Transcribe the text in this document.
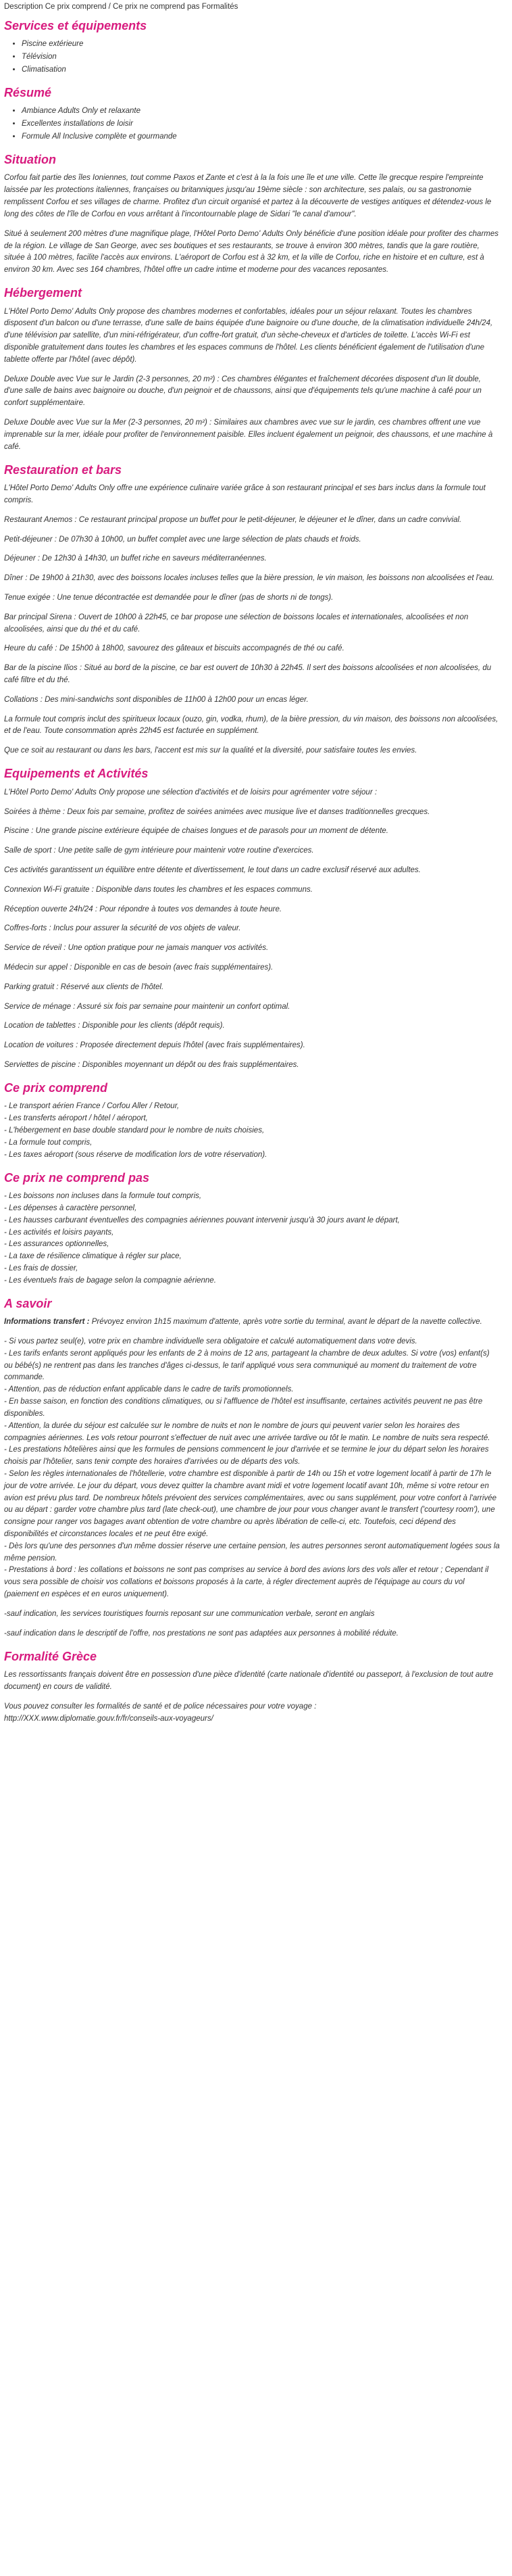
Description Ce prix comprend / Ce prix ne comprend pas Formalités
Services et équipements
• Piscine extérieure
• Télévision
• Climatisation
Résumé
• Ambiance Adults Only et relaxante
• Excellentes installations de loisir
• Formule All Inclusive complète et gourmande
Situation

Corfou fait partie des îles Ioniennes, tout comme Paxos et Zante et c'est à la la fois une île et une ville. Cette île grecque respire l'empreinte laissée par les protections italiennes, françaises ou britanniques jusqu'au 19ème siècle : son architecture, ses palais, ou sa gastronomie remplissent Corfou et ses villages de charme. Profitez d'un circuit organisé et partez à la découverte de vestiges antiques et détendez-vous le long des côtes de l'île de Corfou en vous arrêtant à l'incontournable plage de Sidari "le canal d'amour".

Situé à seulement 200 mètres d'une magnifique plage, l'Hôtel Porto Demo' Adults Only bénéficie d'une position idéale pour profiter des charmes de la région. Le village de San George, avec ses boutiques et ses restaurants, se trouve à environ 300 mètres, tandis que la gare routière, située à 100 mètres, facilite l'accès aux environs. L'aéroport de Corfou est à 32 km, et la ville de Corfou, riche en histoire et en culture, est à environ 30 km. Avec ses 164 chambres, l'hôtel offre un cadre intime et moderne pour des vacances reposantes.

Hébergement

L'Hôtel Porto Demo' Adults Only propose des chambres modernes et confortables, idéales pour un séjour relaxant. Toutes les chambres disposent d'un balcon ou d'une terrasse, d'une salle de bains équipée d'une baignoire ou d'une douche, de la climatisation individuelle 24h/24, d'une télévision par satellite, d'un mini-réfrigérateur, d'un coffre-fort gratuit, d'un sèche-cheveux et d'articles de toilette. L'accès Wi-Fi est disponible gratuitement dans toutes les chambres et les espaces communs de l'hôtel. Les clients bénéficient également de l'utilisation d'une tablette offerte par l'hôtel (avec dépôt).

Deluxe Double avec Vue sur le Jardin (2-3 personnes, 20 m²) : Ces chambres élégantes et fraîchement décorées disposent d'un lit double, d'une salle de bains avec baignoire ou douche, d'un peignoir et de chaussons, ainsi que d'équipements tels qu'une machine à café pour un confort supplémentaire.

Deluxe Double avec Vue sur la Mer (2-3 personnes, 20 m²) : Similaires aux chambres avec vue sur le jardin, ces chambres offrent une vue imprenable sur la mer, idéale pour profiter de l'environnement paisible. Elles incluent également un peignoir, des chaussons, et une machine à café.

Restauration et bars

L'Hôtel Porto Demo' Adults Only offre une expérience culinaire variée grâce à son restaurant principal et ses bars inclus dans la formule tout compris.

Restaurant Anemos : Ce restaurant principal propose un buffet pour le petit-déjeuner, le déjeuner et le dîner, dans un cadre convivial.

Petit-déjeuner : De 07h30 à 10h00, un buffet complet avec une large sélection de plats chauds et froids.

Déjeuner : De 12h30 à 14h30, un buffet riche en saveurs méditerranéennes.

Dîner : De 19h00 à 21h30, avec des boissons locales incluses telles que la bière pression, le vin maison, les boissons non alcoolisées et l'eau.

Tenue exigée : Une tenue décontractée est demandée pour le dîner (pas de shorts ni de tongs).

Bar principal Sirena : Ouvert de 10h00 à 22h45, ce bar propose une sélection de boissons locales et internationales, alcoolisées et non alcoolisées, ainsi que du thé et du café.

Heure du café : De 15h00 à 18h00, savourez des gâteaux et biscuits accompagnés de thé ou café.

Bar de la piscine Ilios : Situé au bord de la piscine, ce bar est ouvert de 10h30 à 22h45. Il sert des boissons alcoolisées et non alcoolisées, du café filtre et du thé.

Collations : Des mini-sandwichs sont disponibles de 11h00 à 12h00 pour un encas léger.

La formule tout compris inclut des spiritueux locaux (ouzo, gin, vodka, rhum), de la bière pression, du vin maison, des boissons non alcoolisées, et de l'eau. Toute consommation après 22h45 est facturée en supplément.

Que ce soit au restaurant ou dans les bars, l'accent est mis sur la qualité et la diversité, pour satisfaire toutes les envies.

Equipements et Activités

L'Hôtel Porto Demo' Adults Only propose une sélection d'activités et de loisirs pour agrémenter votre séjour :

Soirées à thème : Deux fois par semaine, profitez de soirées animées avec musique live et danses traditionnelles grecques.

Piscine : Une grande piscine extérieure équipée de chaises longues et de parasols pour un moment de détente.

Salle de sport : Une petite salle de gym intérieure pour maintenir votre routine d'exercices.

Ces activités garantissent un équilibre entre détente et divertissement, le tout dans un cadre exclusif réservé aux adultes.

Connexion Wi-Fi gratuite : Disponible dans toutes les chambres et les espaces communs.

Réception ouverte 24h/24 : Pour répondre à toutes vos demandes à toute heure.

Coffres-forts : Inclus pour assurer la sécurité de vos objets de valeur.

Service de réveil : Une option pratique pour ne jamais manquer vos activités.

Médecin sur appel : Disponible en cas de besoin (avec frais supplémentaires).

Parking gratuit : Réservé aux clients de l'hôtel.

Service de ménage : Assuré six fois par semaine pour maintenir un confort optimal.

Location de tablettes : Disponible pour les clients (dépôt requis).

Location de voitures : Proposée directement depuis l'hôtel (avec frais supplémentaires).

Serviettes de piscine : Disponibles moyennant un dépôt ou des frais supplémentaires.

Ce prix comprend

- Le transport aérien France / Corfou Aller / Retour,

- Les transferts aéroport / hôtel / aéroport,

- L'hébergement en base double standard pour le nombre de nuits choisies,

- La formule tout compris,

- Les taxes aéroport (sous réserve de modification lors de votre réservation).

Ce prix ne comprend pas

- Les boissons non incluses dans la formule tout compris,

- Les dépenses à caractère personnel,

- Les hausses carburant éventuelles des compagnies aériennes pouvant intervenir jusqu'à 30 jours avant le départ,

- Les activités et loisirs payants,

- Les assurances optionnelles,

- La taxe de résilience climatique à régler sur place,

- Les frais de dossier,

- Les éventuels frais de bagage selon la compagnie aérienne.

A savoir

Informations transfert : Prévoyez environ 1h15 maximum d'attente, après votre sortie du terminal, avant le départ de la navette collective.

- Si vous partez seul(e), votre prix en chambre individuelle sera obligatoire et calculé automatiquement dans votre devis.

- Les tarifs enfants seront appliqués pour les enfants de 2 à moins de 12 ans, partageant la chambre de deux adultes. Si votre (vos) enfant(s) ou bébé(s) ne rentrent pas dans les tranches d'âges ci-dessus, le tarif appliqué vous sera communiqué au moment du traitement de votre commande.

- Attention, pas de réduction enfant applicable dans le cadre de tarifs promotionnels.

- En basse saison, en fonction des conditions climatiques, ou si l'affluence de l'hôtel est insuffisante, certaines activités peuvent ne pas être disponibles.

- Attention, la durée du séjour est calculée sur le nombre de nuits et non le nombre de jours qui peuvent varier selon les horaires des compagnies aériennes. Les vols retour pourront s'effectuer de nuit avec une arrivée tardive ou tôt le matin. Le nombre de nuits sera respecté.

- Les prestations hôtelières ainsi que les formules de pensions commencent le jour d'arrivée et se termine le jour du départ selon les horaires choisis par l'hôtelier, sans tenir compte des horaires d'arrivées ou de départs des vols.

- Selon les règles internationales de l'hôtellerie, votre chambre est disponible à partir de 14h ou 15h et votre logement locatif à partir de 17h le jour de votre arrivée. Le jour du départ, vous devez quitter la chambre avant midi et votre logement locatif avant 10h, même si votre retour en avion est prévu plus tard. De nombreux hôtels prévoient des services complémentaires, avec ou sans supplément, pour votre confort à l'arrivée ou au départ : garder votre chambre plus tard (late check-out), une chambre de jour pour vous changer avant le transfert ('courtesy room'), une consigne pour ranger vos bagages avant obtention de votre chambre ou après libération de celle-ci, etc. Toutefois, ceci dépend des disponibilités et circonstances locales et ne peut être exigé.

- Dès lors qu'une des personnes d'un même dossier réserve une certaine pension, les autres personnes seront automatiquement logées sous la même pension.

- Prestations à bord : les collations et boissons ne sont pas comprises au service à bord des avions lors des vols aller et retour ; Cependant il vous sera possible de choisir vos collations et boissons proposés à la carte, à régler directement auprès de l'équipage au cours du vol (paiement en espèces et en euros uniquement).

-sauf indication, les services touristiques fournis reposant sur une communication verbale, seront en anglais

-sauf indication dans le descriptif de l'offre, nos prestations ne sont pas adaptées aux personnes à mobilité réduite.

Formalité Grèce

Les ressortissants français doivent être en possession d'une pièce d'identité (carte nationale d'identité ou passeport, à l'exclusion de tout autre document) en cours de validité.

Vous pouvez consulter les formalités de santé et de police nécessaires pour votre voyage :

http://XXX.www.diplomatie.gouv.fr/fr/conseils-aux-voyageurs/
